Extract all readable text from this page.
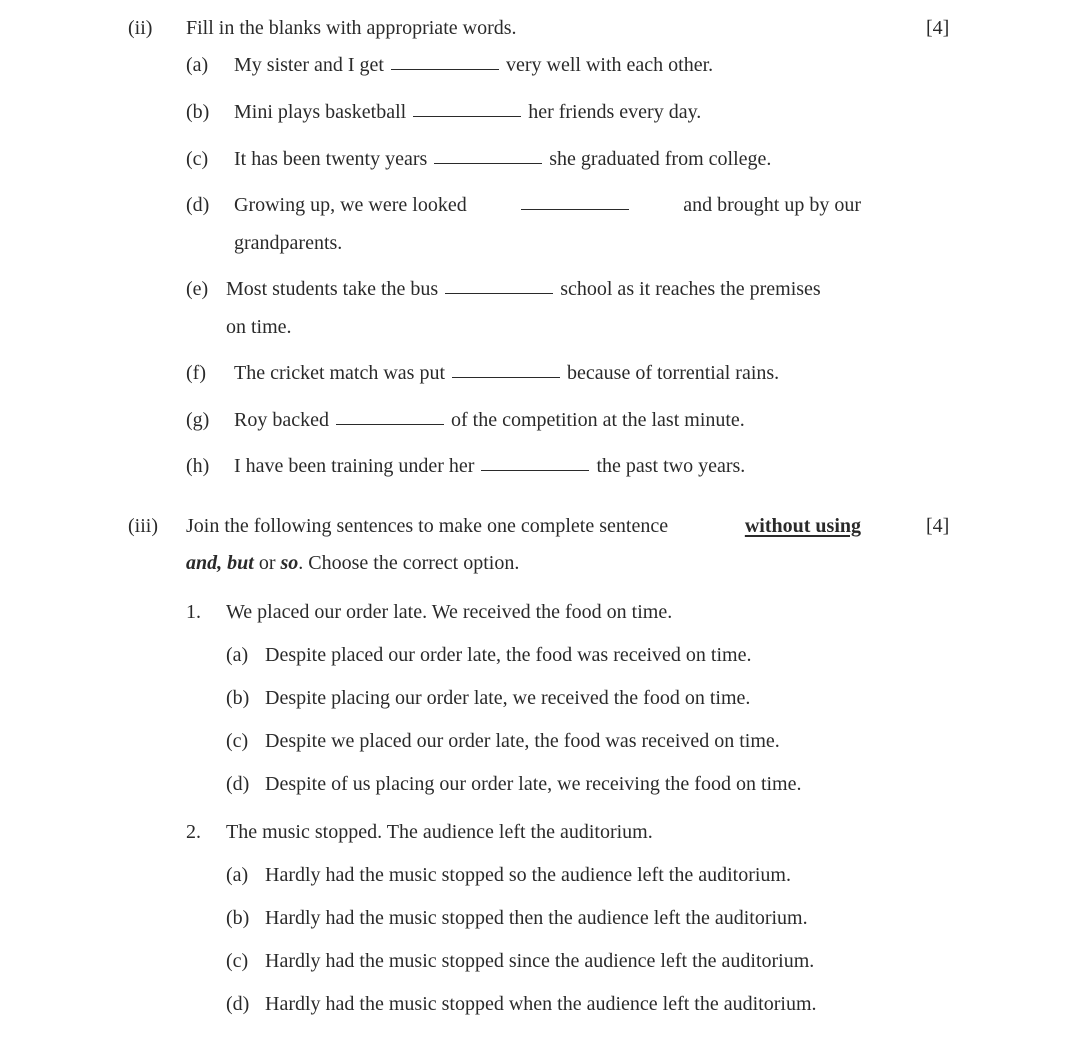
(ii) Fill in the blanks with appropriate words.	[4]
(a) My sister and I get	very well with each other.
(b) Mini plays basketball	her friends every day.
(c) It has been twenty years	she graduated from college.
(d) Growing up, we were looked	and brought up by our
grandparents.
(e) Most students take the bus	school as it reaches the premises
on time.
(f) The cricket match was put	because of torrential rains.
(g) Roy backed	of the competition at the last minute.
(h) I have been training under her	the past two years.
(iii) Join the following sentences to make one complete sentence	without using	[4]
and, but or so. Choose the correct option.
1. We placed our order late. We received the food on time.
(a) Despite placed our order late, the food was received on time.
(b) Despite placing our order late, we received the food on time.
(c) Despite we placed our order late, the food was received on time.
(d) Despite of us placing our order late, we receiving the food on time.
2. The music stopped. The audience left the auditorium.
(a) Hardly had the music stopped so the audience left the auditorium.
(b) Hardly had the music stopped then the audience left the auditorium.
(c) Hardly had the music stopped since the audience left the auditorium.
(d) Hardly had the music stopped when the audience left the auditorium.
